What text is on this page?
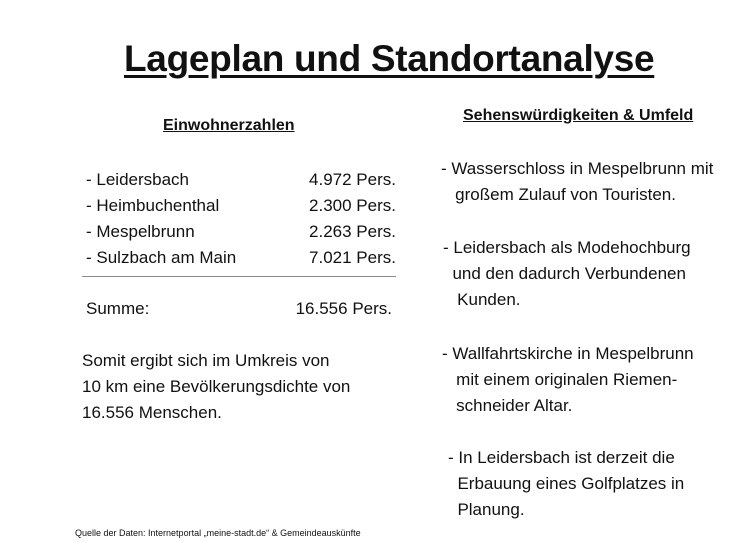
Lageplan und Standortanalyse
Einwohnerzahlen
- Leidersbach	4.972 Pers.
- Heimbuchenthal	2.300 Pers.
- Mespelbrunn	2.263 Pers.
- Sulzbach am Main	7.021 Pers.
Summe:	16.556 Pers.
Somit ergibt sich im Umkreis von
10 km eine Bevölkerungsdichte von
16.556 Menschen.
Sehenswürdigkeiten & Umfeld
- Wasserschloss in Mespelbrunn mit
großem Zulauf von Touristen.
- Leidersbach als Modehochburg
und den dadurch Verbundenen
Kunden.
- Wallfahrtskirche in Mespelbrunn
mit einem originalen Riemen-
schneider Altar.
- In Leidersbach ist derzeit die
Erbauung eines Golfplatzes in
Planung.
Quelle der Daten: Internetportal „meine-stadt.de“ & Gemeindeauskünfte
